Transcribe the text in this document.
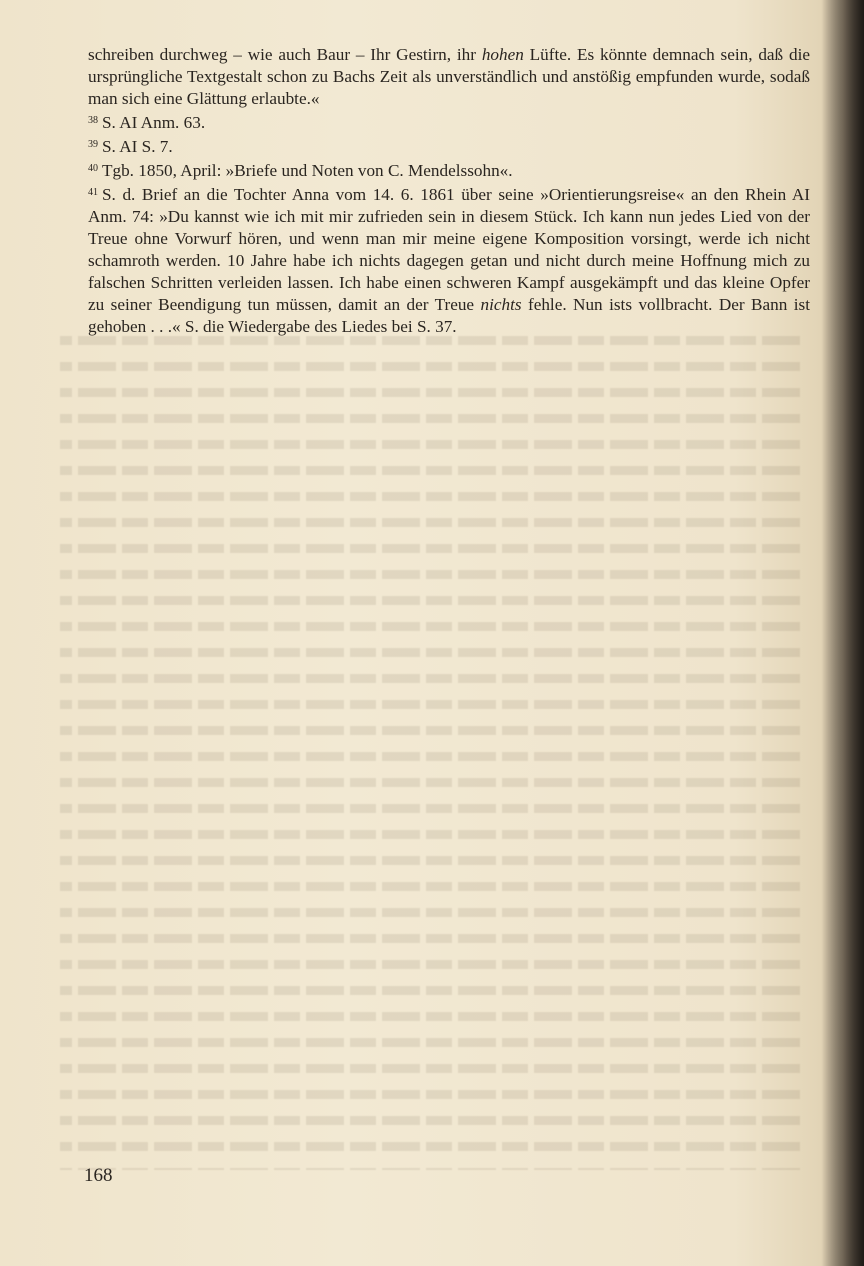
schreiben durchweg – wie auch Baur – Ihr Gestirn, ihr hohen Lüfte. Es könnte demnach sein, daß die ursprüngliche Textgestalt schon zu Bachs Zeit als unverständlich und anstößig empfunden wurde, sodaß man sich eine Glättung erlaubte.«

$^{38}$ S. AI Anm. 63.

$^{39}$ S. AI S. 7.

$^{40}$ Tgb. 1850, April: »Briefe und Noten von C. Mendelssohn«.

$^{41}$ S. d. Brief an die Tochter Anna vom 14. 6. 1861 über seine »Orientierungsreise« an den Rhein AI Anm. 74: »Du kannst wie ich mit mir zufrieden sein in diesem Stück. Ich kann nun jedes Lied von der Treue ohne Vorwurf hören, und wenn man mir meine eigene Komposition vorsingt, werde ich nicht schamroth werden. 10 Jahre habe ich nichts dagegen getan und nicht durch meine Hoffnung mich zu falschen Schritten verleiden lassen. Ich habe einen schweren Kampf ausgekämpft und das kleine Opfer zu seiner Beendigung tun müssen, damit an der Treue nichts fehle. Nun ists vollbracht. Der Bann ist gehoben . . .« S. die Wiedergabe des Liedes bei S. 37.

168
